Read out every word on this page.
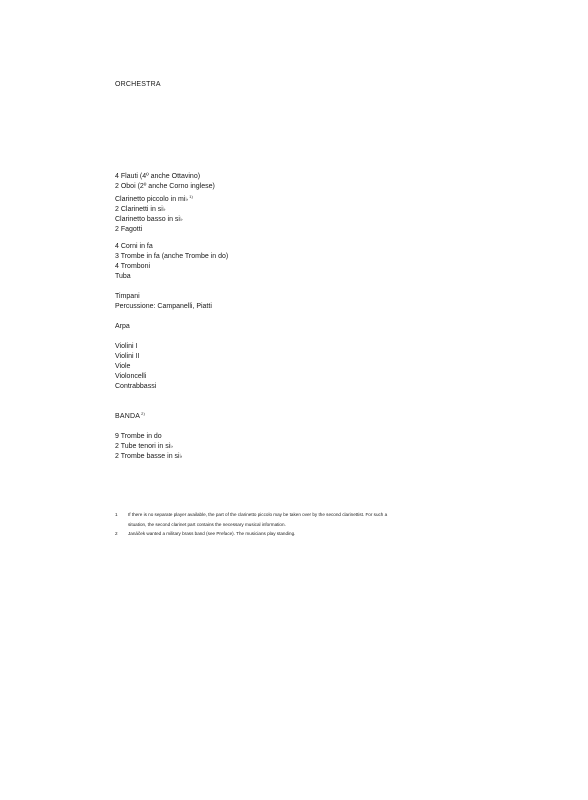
ORCHESTRA
4 Flauti (4º anche Ottavino)
2 Oboi (2º anche Corno inglese)
Clarinetto piccolo in mi♭$^{1)}$
2 Clarinetti in si♭
Clarinetto basso in si♭
2 Fagotti
4 Corni in fa
3 Trombe in fa (anche Trombe in do)
4 Tromboni
Tuba
Timpani
Percussione: Campanelli, Piatti
Arpa
Violini I
Violini II
Viole
Violoncelli
Contrabbassi
BANDA$^{2)}$
9 Trombe in do
2 Tube tenori in si♭
2 Trombe basse in si♭
1	If there is no separate player available, the part of the clarinetto piccolo may be taken over by the second clarinettist. For such a situation, the second clarinet part contains the necessary musical information.
2	Janáček wanted a military brass band (see Preface). The musicians play standing.
